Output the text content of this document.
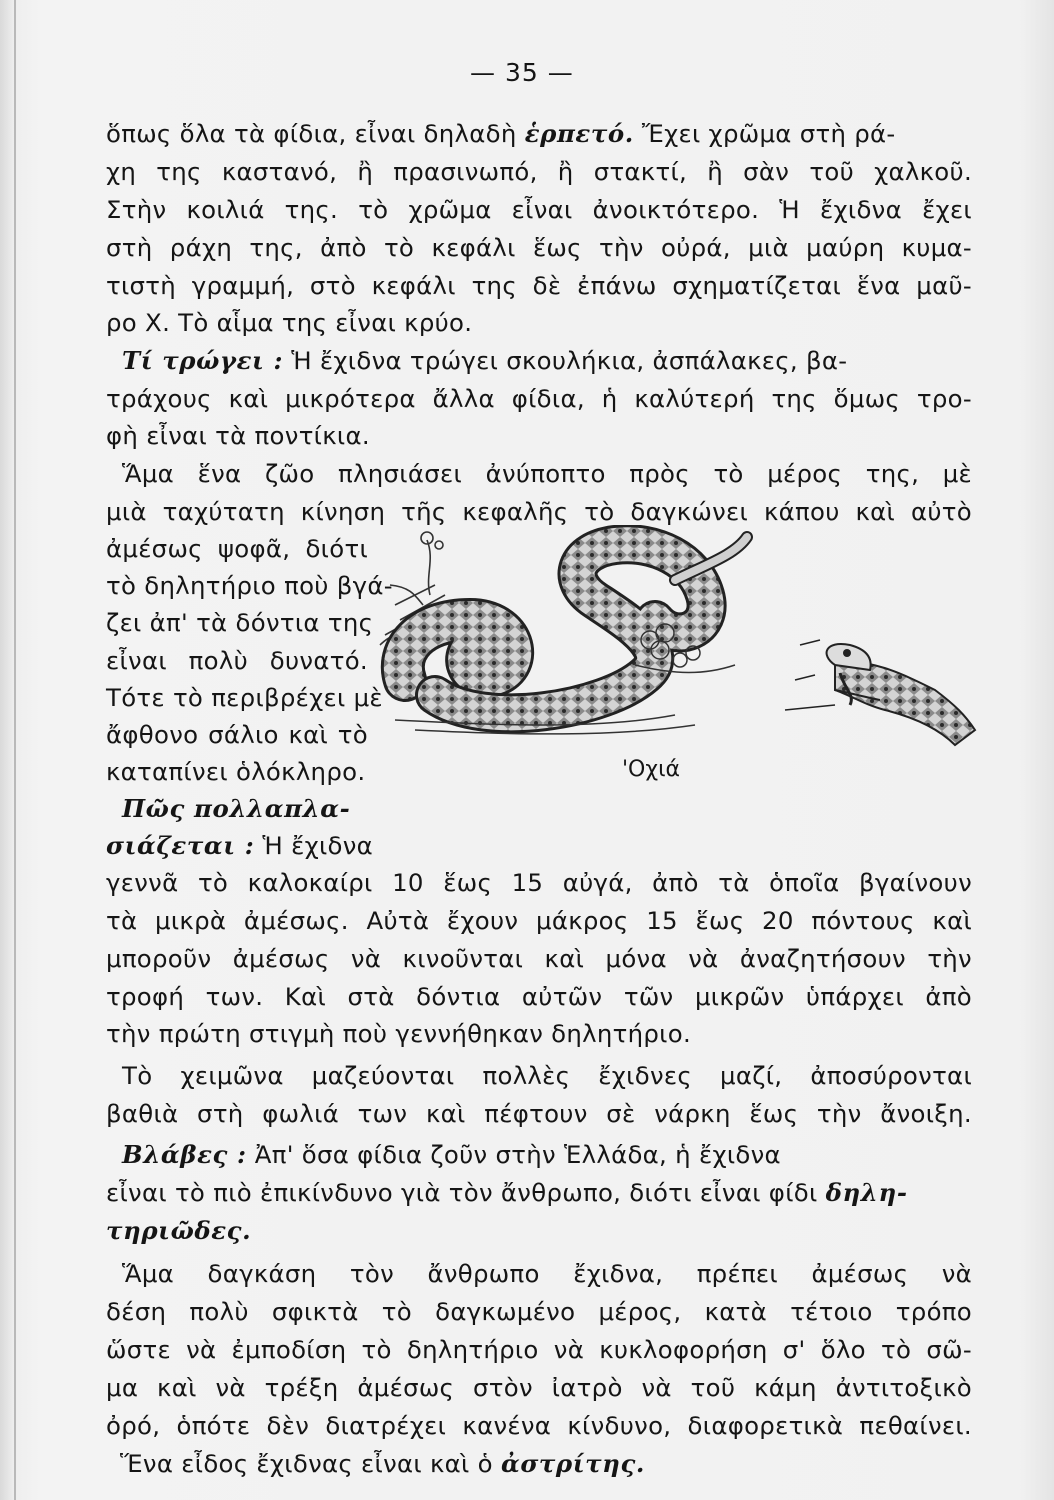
— 35 —
ὅπως ὅλα τὰ φίδια, εἶναι δηλαδὴ ἑρπετό. Ἔχει χρῶμα στὴ ρά-
χη της καστανό, ἢ πρασινωπό, ἢ στακτί, ἢ σὰν τοῦ χαλκοῦ.
Στὴν κοιλιά της. τὸ χρῶμα εἶναι ἀνοικτότερο. Ἡ ἔχιδνα ἔχει
στὴ ράχη της, ἀπὸ τὸ κεφάλι ἕως τὴν οὐρά, μιὰ μαύρη κυμα-
τιστὴ γραμμή, στὸ κεφάλι της δὲ ἐπάνω σχηματίζεται ἕνα μαῦ-
ρο Χ. Τὸ αἷμα της εἶναι κρύο.
Τί τρώγει : Ἡ ἔχιδνα τρώγει σκουλήκια, ἀσπάλακες, βα-
τράχους καὶ μικρότερα ἄλλα φίδια, ἡ καλύτερή της ὅμως τρο-
φὴ εἶναι τὰ ποντίκια.
Ἅμα ἕνα ζῶο πλησιάσει ἀνύποπτο πρὸς τὸ μέρος της, μὲ
μιὰ ταχύτατη κίνηση τῆς κεφαλῆς τὸ δαγκώνει κάπου καὶ αὐτὸ
ἀμέσως ψοφᾶ, διότι
τὸ δηλητήριο ποὺ βγά-
ζει ἀπ' τὰ δόντια της
εἶναι πολὺ δυνατό.
Τότε τὸ περιβρέχει μὲ
ἄφθονο σάλιο καὶ τὸ
καταπίνει ὁλόκληρο.
Πῶς πολλαπλα-
σιάζεται : Ἡ ἔχιδνα
'Οχιά
γεννᾶ τὸ καλοκαίρι 10 ἕως 15 αὐγά, ἀπὸ τὰ ὁποῖα βγαίνουν
τὰ μικρὰ ἀμέσως. Αὐτὰ ἔχουν μάκρος 15 ἕως 20 πόντους καὶ
μποροῦν ἀμέσως νὰ κινοῦνται καὶ μόνα νὰ ἀναζητήσουν τὴν
τροφή των. Καὶ στὰ δόντια αὐτῶν τῶν μικρῶν ὑπάρχει ἀπὸ
τὴν πρώτη στιγμὴ ποὺ γεννήθηκαν δηλητήριο.
Τὸ χειμῶνα μαζεύονται πολλὲς ἔχιδνες μαζί, ἀποσύρονται
βαθιὰ στὴ φωλιά των καὶ πέφτουν σὲ νάρκη ἕως τὴν ἄνοιξη.
Βλάβες : Ἀπ' ὅσα φίδια ζοῦν στὴν Ἑλλάδα, ἡ ἔχιδνα
εἶναι τὸ πιὸ ἐπικίνδυνο γιὰ τὸν ἄνθρωπο, διότι εἶναι φίδι δηλη-
τηριῶδες.
Ἅμα δαγκάση τὸν ἄνθρωπο ἔχιδνα, πρέπει ἀμέσως νὰ
δέση πολὺ σφικτὰ τὸ δαγκωμένο μέρος, κατὰ τέτοιο τρόπο
ὥστε νὰ ἐμποδίση τὸ δηλητήριο νὰ κυκλοφορήση σ' ὅλο τὸ σῶ-
μα καὶ νὰ τρέξη ἀμέσως στὸν ἰατρὸ νὰ τοῦ κάμη ἀντιτοξικὸ
ὀρό, ὁπότε δὲν διατρέχει κανένα κίνδυνο, διαφορετικὰ πεθαίνει.
Ἕνα εἶδος ἔχιδνας εἶναι καὶ ὁ ἀστρίτης.
